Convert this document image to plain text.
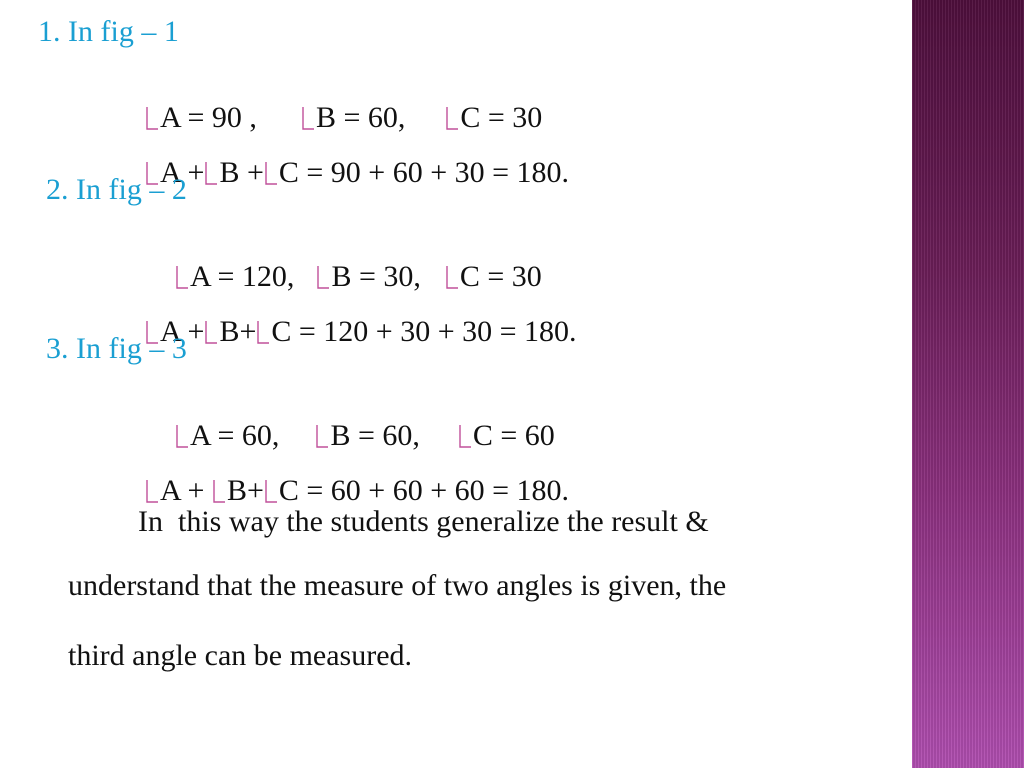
1. In fig – 1

A = 90 , B = 60, C = 30

A + B + C = 90 + 60 + 30 = 180.

2. In fig – 2

A = 120, B = 30, C = 30

A + B+ C = 120 + 30 + 30 = 180.

3. In fig – 3

A = 60, B = 60, C = 60

A +
B+ C = 60 + 60 + 60 = 180.

In  this way the students generalize the result &
understand that the measure of two angles is given, the
third angle can be measured.
